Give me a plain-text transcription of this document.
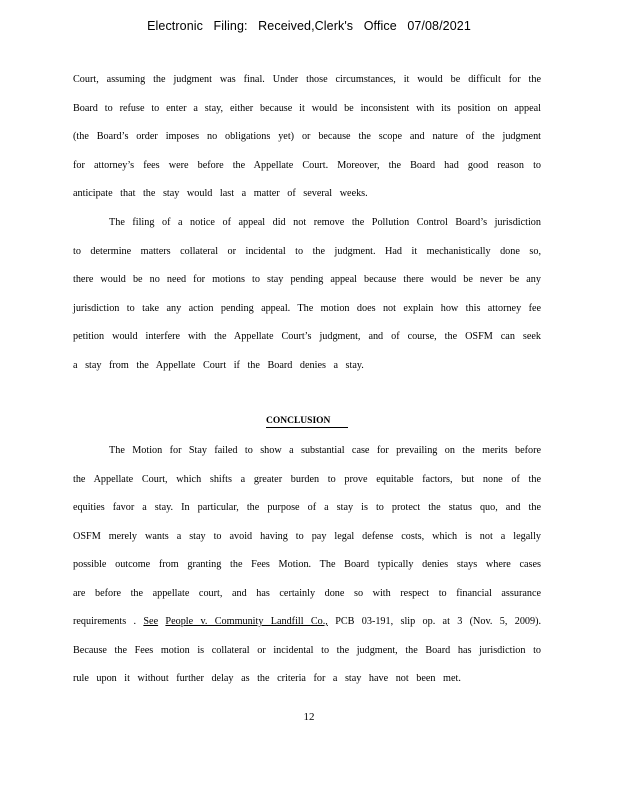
Electronic Filing: Received,Clerk's Office 07/08/2021
Court, assuming the judgment was final. Under those circumstances, it would be difficult for the
Board to refuse to enter a stay, either because it would be inconsistent with its position on appeal
(the Board’s order imposes no obligations yet) or because the scope and nature of the judgment
for attorney’s fees were before the Appellate Court. Moreover, the Board had good reason to
anticipate that the stay would last a matter of several weeks.
The filing of a notice of appeal did not remove the Pollution Control Board’s jurisdiction
to determine matters collateral or incidental to the judgment. Had it mechanistically done so,
there would be no need for motions to stay pending appeal because there would be never be any
jurisdiction to take any action pending appeal. The motion does not explain how this attorney fee
petition would interfere with the Appellate Court’s judgment, and of course, the OSFM can seek
a stay from the Appellate Court if the Board denies a stay.
CONCLUSION
The Motion for Stay failed to show a substantial case for prevailing on the merits before
the Appellate Court, which shifts a greater burden to prove equitable factors, but none of the
equities favor a stay. In particular, the purpose of a stay is to protect the status quo, and the
OSFM merely wants a stay to avoid having to pay legal defense costs, which is not a legally
possible outcome from granting the Fees Motion. The Board typically denies stays where cases
are before the appellate court, and has certainly done so with respect to financial assurance
requirements . See People v. Community Landfill Co., PCB 03-191, slip op. at 3 (Nov. 5, 2009).
Because the Fees motion is collateral or incidental to the judgment, the Board has jurisdiction to
rule upon it without further delay as the criteria for a stay have not been met.
12
